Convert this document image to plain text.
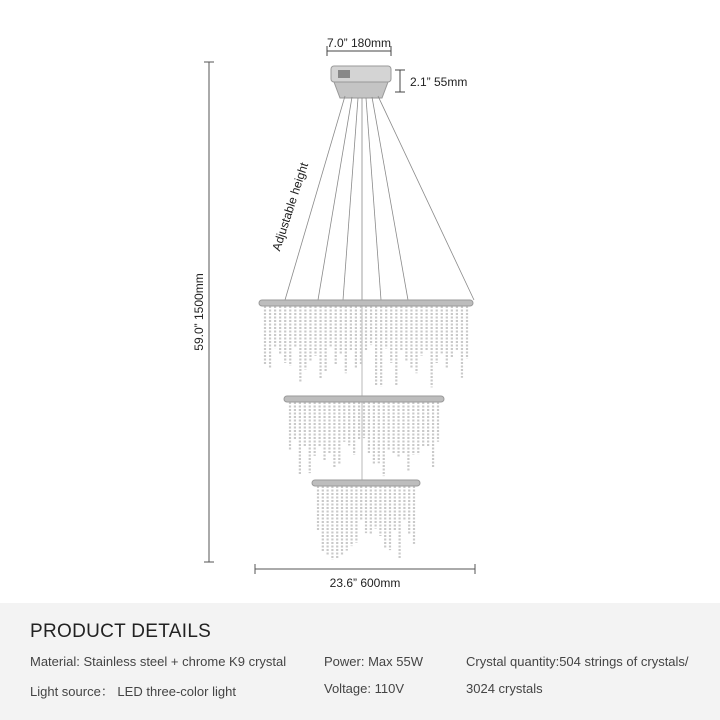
7.0” 180mm
2.1” 55mm
59.0” 1500mm
Adjustable height
23.6” 600mm
PRODUCT DETAILS
Material: Stainless steel + chrome K9 crystal
Light source： LED three-color light
Power: Max 55W
Voltage: 110V
Crystal quantity:504 strings of crystals/
3024 crystals
